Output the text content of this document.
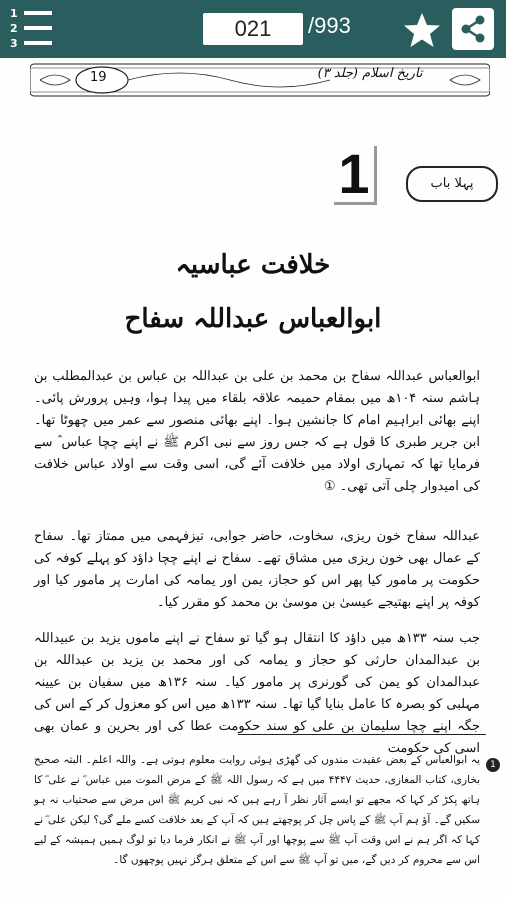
1
2
3
021	/993
19	تاریخ اسلام (جلد ۳)
1	پہلا باب
خلافت عباسیہ
ابوالعباس عبداللہ سفاح
ابوالعباس عبداللہ سفاح بن محمد بن علی بن عبداللہ بن عباس بن عبدالمطلب بن ہاشم سنہ ۱۰۴ھ میں بمقام حمیمہ علاقہ بلقاء میں پیدا ہوا، وہیں پرورش پائی۔ اپنے بھائی ابراہیم امام کا جانشین ہوا۔ اپنے بھائی منصور سے عمر میں چھوٹا تھا۔ ابن جریر طبری کا قول ہے کہ جس روز سے نبی اکرم ﷺ نے اپنے چچا عباس ؓ سے فرمایا تھا کہ تمہاری اولاد میں خلافت آئے گی، اسی وقت سے اولاد عباس خلافت کی امیدوار چلی آتی تھی۔ ①
عبداللہ سفاح خون ریزی، سخاوت، حاضر جوابی، تیزفہمی میں ممتاز تھا۔ سفاح کے عمال بھی خون ریزی میں مشاق تھے۔ سفاح نے اپنے چچا داؤد کو پہلے کوفہ کی حکومت پر مامور کیا پھر اس کو حجاز، یمن اور یمامہ کی امارت پر مامور کیا اور کوفہ پر اپنے بھتیجے عیسیٰ بن موسیٰ بن محمد کو مقرر کیا۔
جب سنہ ۱۳۳ھ میں داؤد کا انتقال ہو گیا تو سفاح نے اپنے ماموں یزید بن عبیداللہ بن عبدالمدان حارثی کو حجاز و یمامہ کی اور محمد بن یزید بن عبداللہ بن عبدالمدان کو یمن کی گورنری پر مامور کیا۔ سنہ ۱۳۶ھ میں سفیان بن عیینہ مہلبی کو بصرہ کا عامل بنایا گیا تھا۔ سنہ ۱۳۳ھ میں اس کو معزول کر کے اس کی جگہ اپنے چچا سلیمان بن علی کو سند حکومت عطا کی اور بحرین و عمان بھی اسی کی حکومت
1
یہ ابوالعباس کے بعض عقیدت مندوں کی گھڑی ہوئی روایت معلوم ہوتی ہے۔ واللہ اعلم۔ البتہ صحیح بخاری، کتاب المغازی، حدیث ۴۴۴۷ میں ہے کہ رسول اللہ ﷺ کے مرض الموت میں عباس ؓ نے علی ؓ کا ہاتھ پکڑ کر کہا کہ مجھے تو ایسے آثار نظر آ رہے ہیں کہ نبی کریم ﷺ اس مرض سے صحتیاب نہ ہو سکیں گے۔ آؤ ہم آپ ﷺ کے پاس چل کر پوچھتے ہیں کہ آپ کے بعد خلافت کسے ملے گی؟ لیکن علی ؓ نے کہا کہ اگر ہم نے اس وقت آپ ﷺ سے پوچھا اور آپ ﷺ نے انکار فرما دیا تو لوگ ہمیں ہمیشہ کے لیے اس سے محروم کر دیں گے، میں تو آپ ﷺ سے اس کے متعلق ہرگز نہیں پوچھوں گا۔
